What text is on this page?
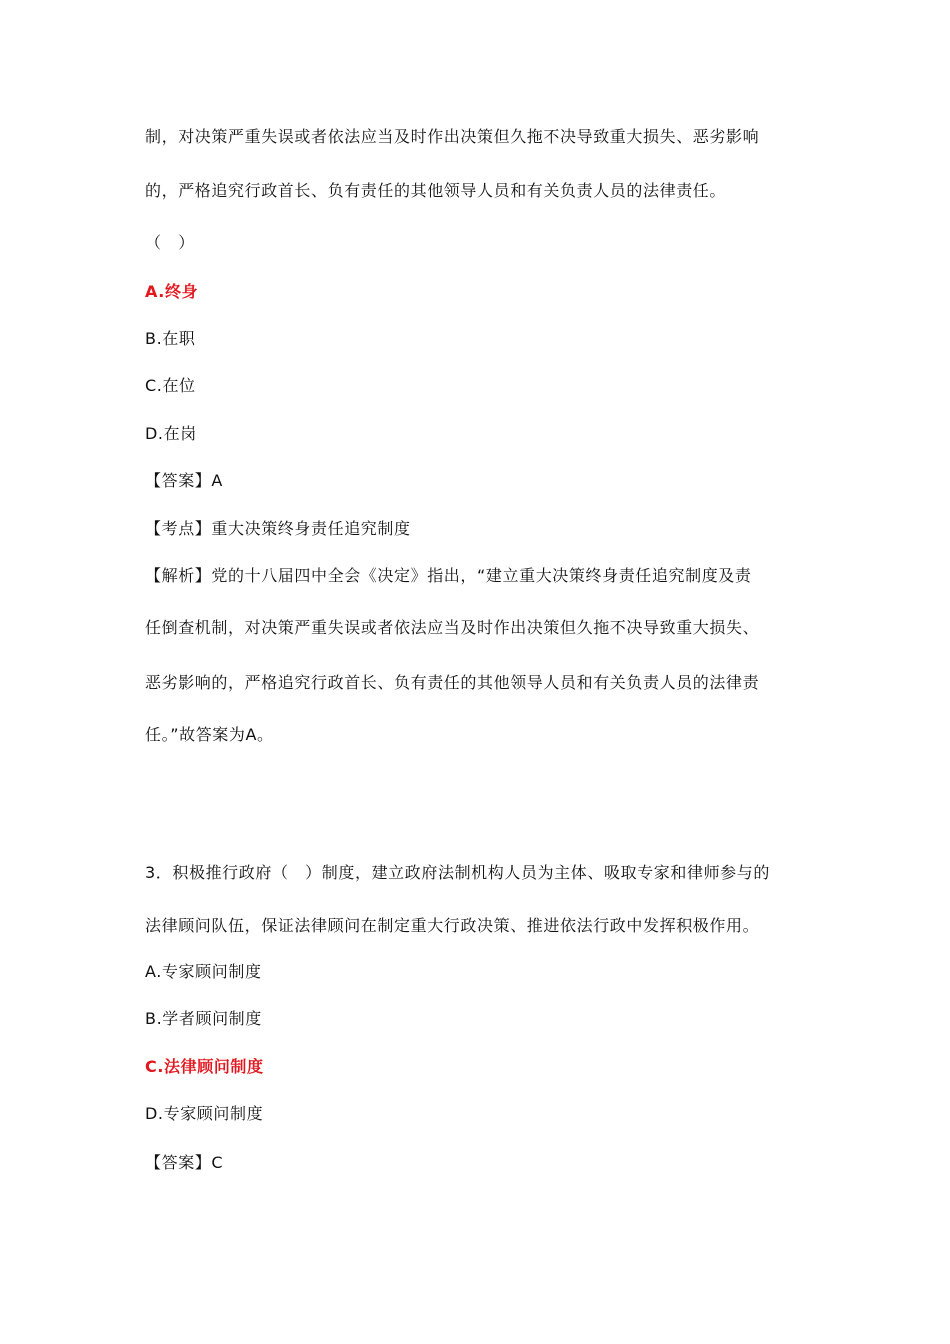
制，对决策严重失误或者依法应当及时作出决策但久拖不决导致重大损失、恶劣影响
的，严格追究行政首长、负有责任的其他领导人员和有关负责人员的法律责任。
（　）
A.终身
B.在职
C.在位
D.在岗
【答案】A
【考点】重大决策终身责任追究制度
【解析】党的十八届四中全会《决定》指出，“建立重大决策终身责任追究制度及责
任倒查机制，对决策严重失误或者依法应当及时作出决策但久拖不决导致重大损失、
恶劣影响的，严格追究行政首长、负有责任的其他领导人员和有关负责人员的法律责
任。”故答案为A。
3．积极推行政府（　）制度，建立政府法制机构人员为主体、吸取专家和律师参与的
法律顾问队伍，保证法律顾问在制定重大行政决策、推进依法行政中发挥积极作用。
A.专家顾问制度
B.学者顾问制度
C.法律顾问制度
D.专家顾问制度
【答案】C
